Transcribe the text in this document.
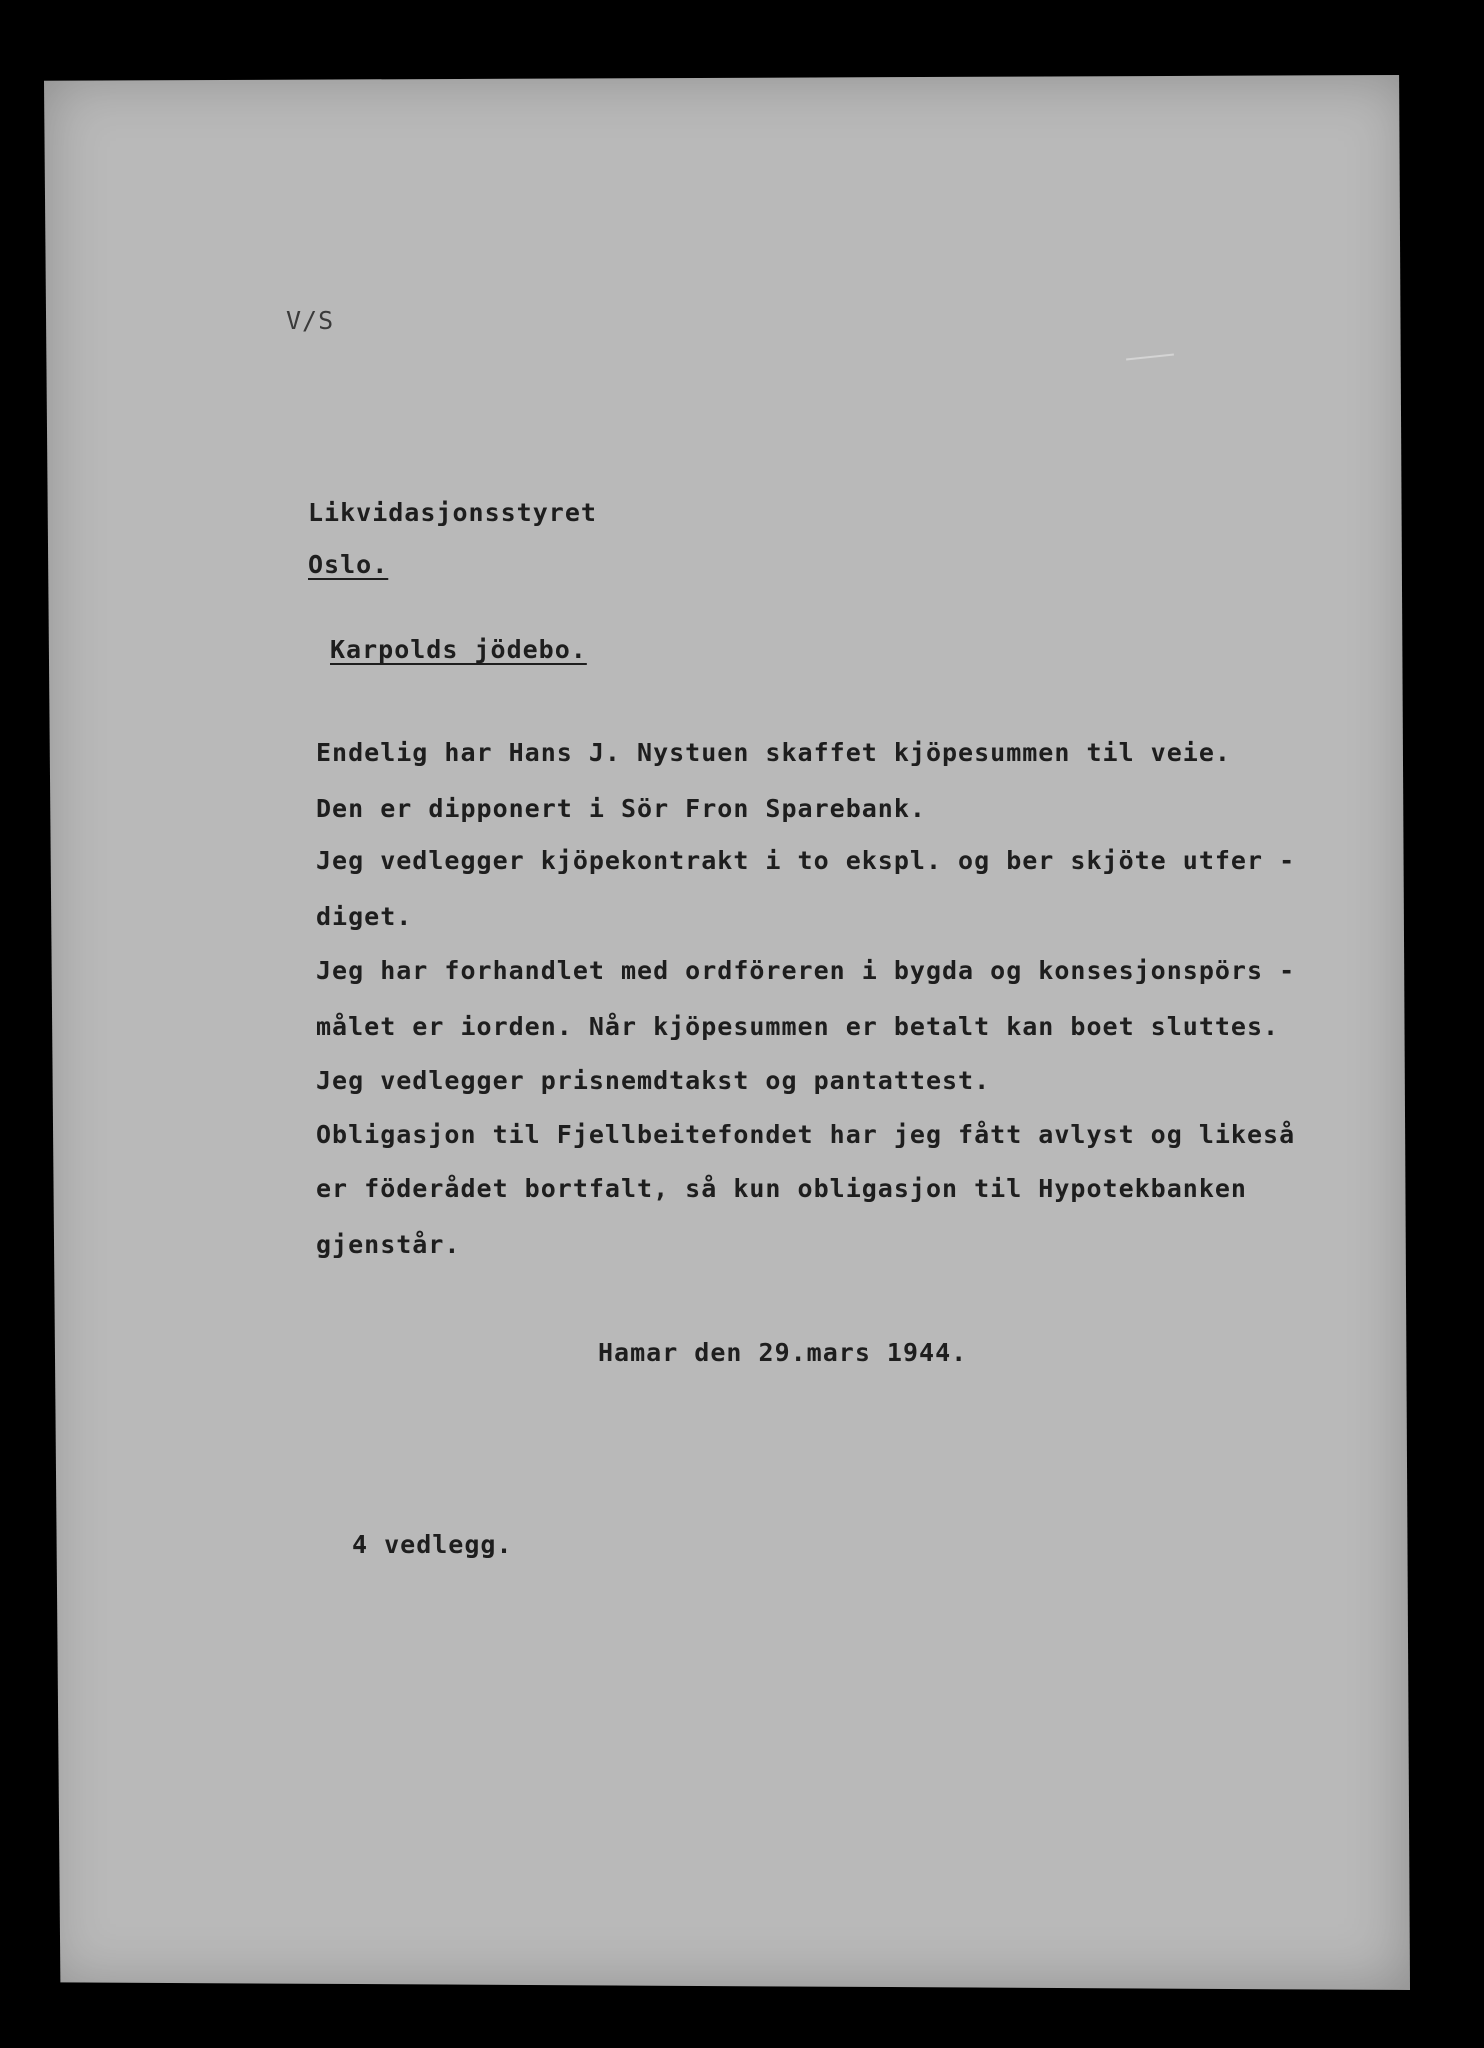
V/S

Likvidasjonsstyret

Oslo.

Karpolds jödebo.

Endelig har Hans J. Nystuen skaffet kjöpesummen til veie.

Den er dipponert i Sör Fron Sparebank.

Jeg vedlegger kjöpekontrakt i to ekspl. og ber skjöte utfer -

diget.

Jeg har forhandlet med ordföreren i bygda og konsesjonspörs -

målet er iorden. Når kjöpesummen er betalt kan boet sluttes.

Jeg vedlegger prisnemdtakst og pantattest.

Obligasjon til Fjellbeitefondet har jeg fått avlyst og likeså

er föderådet bortfalt, så kun obligasjon til Hypotekbanken

gjenstår.

Hamar den 29.mars 1944.

4 vedlegg.
